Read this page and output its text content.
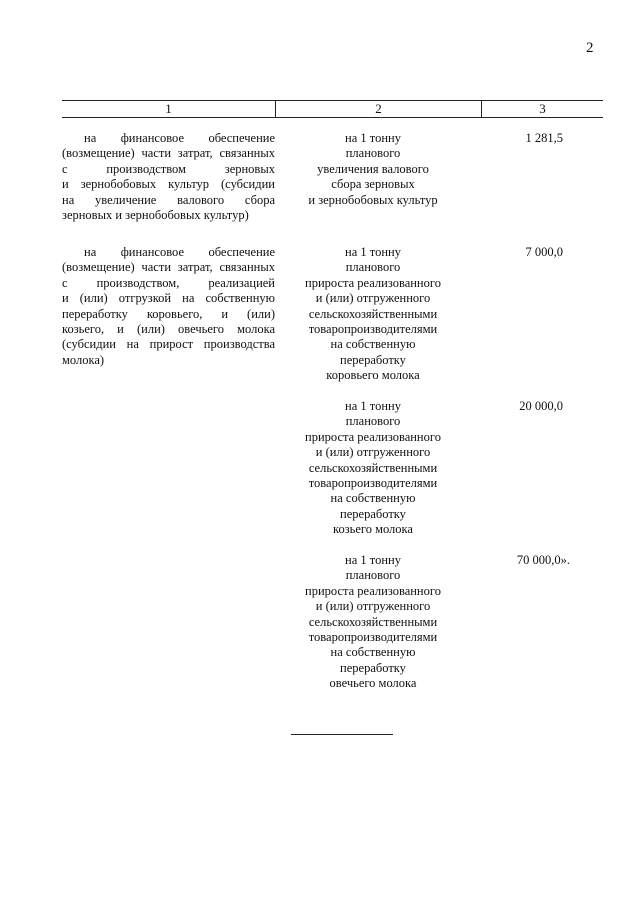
2
1	2	3
на финансовое обеспечение
(возмещение) части затрат, связанных
с производством зерновых
и зернобобовых культур (субсидии
на увеличение валового сбора
зерновых и зернобобовых культур)
на 1 тонну
планового
увеличения валового
сбора зерновых
и зернобобовых культур
1 281,5
на финансовое обеспечение
(возмещение) части затрат, связанных
с производством, реализацией
и (или) отгрузкой на собственную
переработку коровьего, и (или)
козьего, и (или) овечьего молока
(субсидии на прирост производства
молока)
на 1 тонну
планового
прироста реализованного
и (или) отгруженного
сельскохозяйственными
товаропроизводителями
на собственную
переработку
коровьего молока
7 000,0
на 1 тонну
планового
прироста реализованного
и (или) отгруженного
сельскохозяйственными
товаропроизводителями
на собственную
переработку
козьего молока
20 000,0
на 1 тонну
планового
прироста реализованного
и (или) отгруженного
сельскохозяйственными
товаропроизводителями
на собственную
переработку
овечьего молока
70 000,0».
